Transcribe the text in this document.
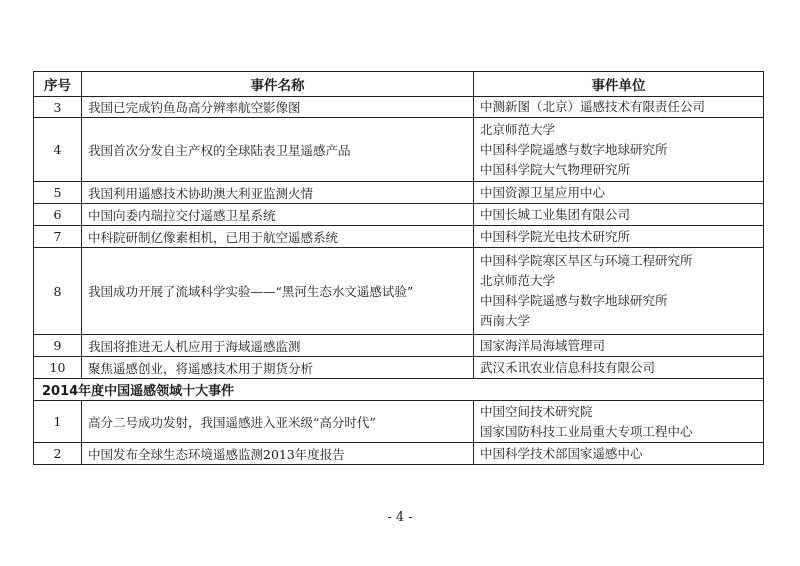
序号	事件名称	事件单位
3	我国已完成钓鱼岛高分辨率航空影像图	中测新图（北京）遥感技术有限责任公司

4	我国首次分发自主产权的全球陆表卫星遥感产品	北京师范大学
中国科学院遥感与数字地球研究所
中国科学院大气物理研究所

5	我国利用遥感技术协助澳大利亚监测火情	中国资源卫星应用中心

6	中国向委内瑞拉交付遥感卫星系统	中国长城工业集团有限公司

7	中科院研制亿像素相机，已用于航空遥感系统	中国科学院光电技术研究所

8	我国成功开展了流域科学实验——“黑河生态水文遥感试验”	中国科学院寒区旱区与环境工程研究所
北京师范大学
中国科学院遥感与数字地球研究所
西南大学

9	我国将推进无人机应用于海域遥感监测	国家海洋局海域管理司

10	聚焦遥感创业，将遥感技术用于期货分析	武汉禾讯农业信息科技有限公司

2014年度中国遥感领域十大事件		
1	高分二号成功发射，我国遥感进入亚米级“高分时代”	中国空间技术研究院
国家国防科技工业局重大专项工程中心

2	中国发布全球生态环境遥感监测2013年度报告	中国科学技术部国家遥感中心
- 4 -
